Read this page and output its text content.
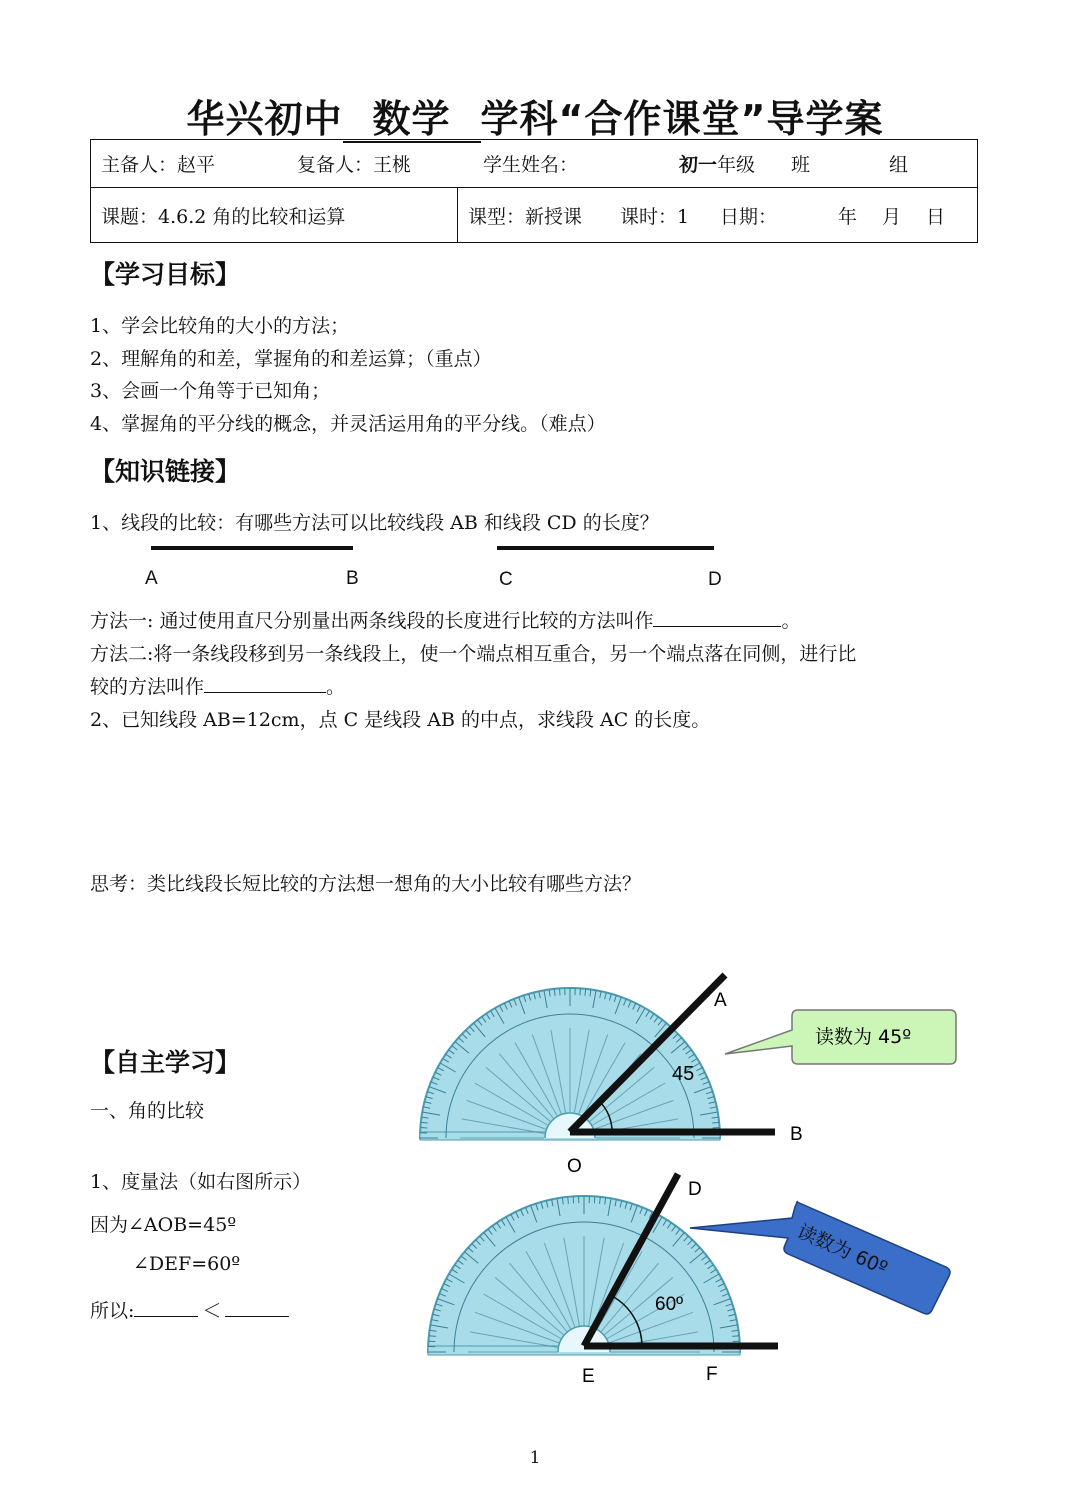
华兴初中 数学 学科“合作课堂”导学案
主备人：赵平	复备人：王桃	学生姓名：	初一年级 班	组
课题：4.6.2 角的比较和运算	课型：新授课 课时：1 日期：	年 月 日
【学习目标】
1、学会比较角的大小的方法；
2、理解角的和差，掌握角的和差运算；（重点）
3、会画一个角等于已知角；
4、掌握角的平分线的概念，并灵活运用角的平分线。（难点）
【知识链接】
1、线段的比较：有哪些方法可以比较线段 AB 和线段 CD 的长度？
A	B	C	D
方法一: 通过使用直尺分别量出两条线段的长度进行比较的方法叫作	。
方法二:将一条线段移到另一条线段上，使一个端点相互重合，另一个端点落在同侧，进行比
较的方法叫作	。
2、已知线段 AB=12cm，点 C 是线段 AB 的中点，求线段 AC 的长度。
思考：类比线段长短比较的方法想一想角的大小比较有哪些方法？
【自主学习】
一、角的比较
1、度量法（如右图所示）
因为∠AOB=45º
∠DEF=60º
所以:	＜
A
B
O
45
读数为 45º
D
E	F
60º
读数为 60º
1
